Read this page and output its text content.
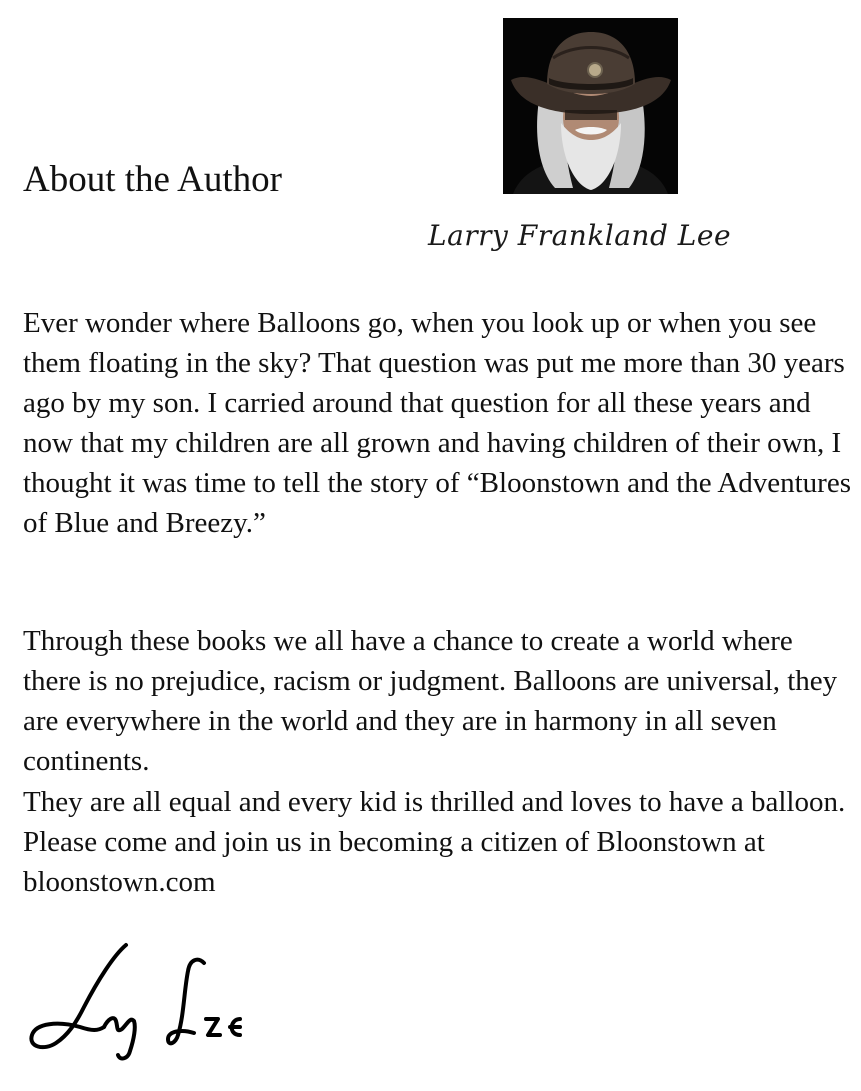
About the Author
Larry Frankland Lee

Ever wonder where Balloons go, when you look up or when you see them floating in the sky? That question was put me more than 30 years ago by my son. I carried around that question for all these years and now that my children are all grown and having children of their own, I thought it was time to tell the story of “Bloonstown and the Adventures of Blue and Breezy.”

Through these books we all have a chance to create a world where there is no prejudice, racism or judgment. Balloons are universal, they are everywhere in the world and they are in harmony in all seven continents.

They are all equal and every kid is thrilled and loves to have a balloon. Please come and join us in becoming a citizen of Bloonstown at bloonstown.com
